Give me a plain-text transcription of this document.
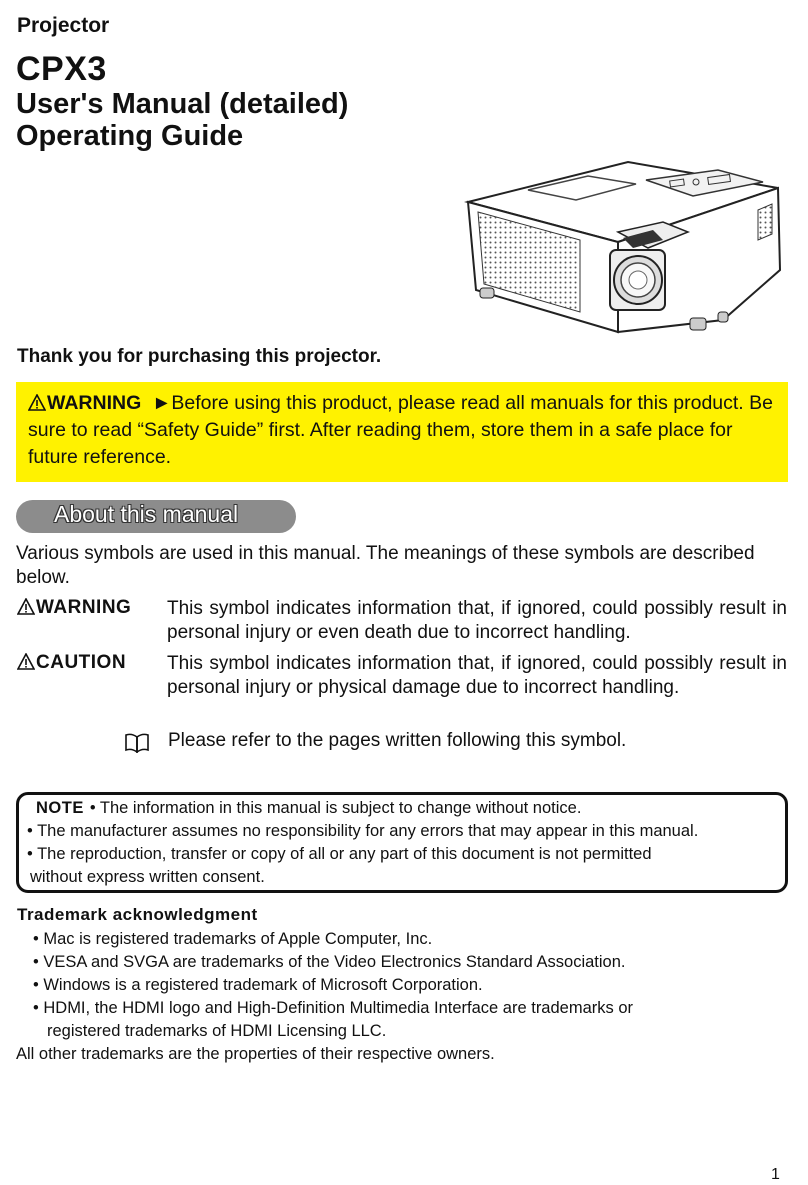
Projector
CPX3
User's Manual (detailed)
Operating Guide
Thank you for purchasing this projector.
WARNING ►Before using this product, please read all manuals for this product. Be sure to read “Safety Guide” first. After reading them, store them in a safe place for future reference.
About this manual
Various symbols are used in this manual. The meanings of these symbols are described below.
WARNING This symbol indicates information that, if ignored, could possibly result in personal injury or even death due to incorrect handling.
CAUTION This symbol indicates information that, if ignored, could possibly result in personal injury or physical damage due to incorrect handling.
Please refer to the pages written following this symbol.
NOTE • The information in this manual is subject to change without notice.
• The manufacturer assumes no responsibility for any errors that may appear in this manual.
• The reproduction, transfer or copy of all or any part of this document is not permitted
without express written consent.
Trademark acknowledgment
• Mac is registered trademarks of Apple Computer, Inc.
• VESA and SVGA are trademarks of the Video Electronics Standard Association.
• Windows is a registered trademark of Microsoft Corporation.
• HDMI, the HDMI logo and High-Definition Multimedia Interface are trademarks or
registered trademarks of HDMI Licensing LLC.
All other trademarks are the properties of their respective owners.
1
